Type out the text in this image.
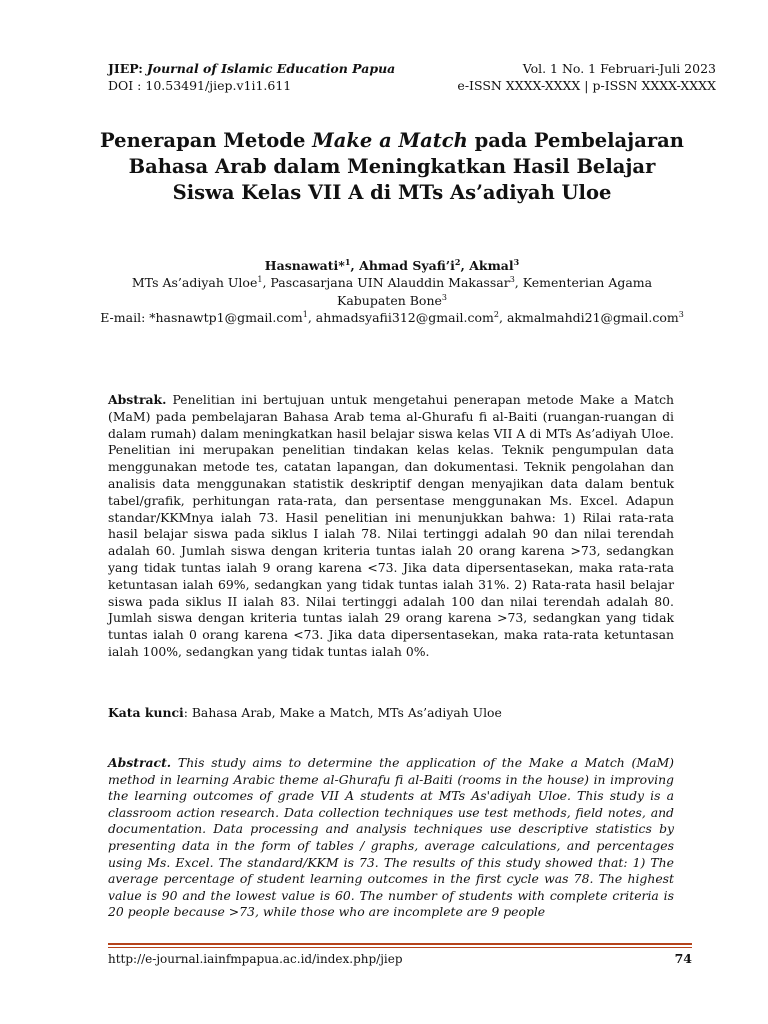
JIEP: Journal of Islamic Education Papua
DOI : 10.53491/jiep.v1i1.611
Vol. 1 No. 1 Februari-Juli 2023
e-ISSN XXXX-XXXX | p-ISSN XXXX-XXXX
Penerapan Metode Make a Match pada Pembelajaran Bahasa Arab dalam Meningkatkan Hasil Belajar Siswa Kelas VII A di MTs As’adiyah Uloe
Hasnawati*$^1$, Ahmad $Syafi’i^2$, Akmal$^3$
MTs As’adiyah Uloe$^1$, Pascasarjana UIN Alauddin Makassar$^3$, Kementerian Agama Kabupaten Bone$^3$
E-mail: *hasnawtp1@gmail.com$^1$, ahmadsyafii312@gmail.com$^2$, akmalmahdi21@gmail.com$^3$

Abstrak. Penelitian ini bertujuan untuk mengetahui penerapan metode Make a Match (MaM) pada pembelajaran Bahasa Arab tema al-Ghurafu fi al-Baiti (ruangan-ruangan di dalam rumah) dalam meningkatkan hasil belajar siswa kelas VII A di MTs As’adiyah Uloe. Penelitian ini merupakan penelitian tindakan kelas kelas. Teknik pengumpulan data menggunakan metode tes, catatan lapangan, dan dokumentasi. Teknik pengolahan dan analisis data menggunakan statistik deskriptif dengan menyajikan data dalam bentuk tabel/grafik, perhitungan rata-rata, dan persentase menggunakan Ms. Excel. Adapun standar/KKMnya ialah 73. Hasil penelitian ini menunjukkan bahwa: 1) Rilai rata-rata hasil belajar siswa pada siklus I ialah 78. Nilai tertinggi adalah 90 dan nilai terendah adalah 60. Jumlah siswa dengan kriteria tuntas ialah 20 orang karena >73, sedangkan yang tidak tuntas ialah 9 orang karena <73. Jika data dipersentasekan, maka rata-rata ketuntasan ialah 69%, sedangkan yang tidak tuntas ialah 31%. 2) Rata-rata hasil belajar siswa pada siklus II ialah 83. Nilai tertinggi adalah 100 dan nilai terendah adalah 80. Jumlah siswa dengan kriteria tuntas ialah 29 orang karena >73, sedangkan yang tidak tuntas ialah 0 orang karena <73. Jika data dipersentasekan, maka rata-rata ketuntasan ialah 100%, sedangkan yang tidak tuntas ialah 0%.

Kata kunci: Bahasa Arab, Make a Match, MTs As’adiyah Uloe

Abstract. This study aims to determine the application of the Make a Match (MaM) method in learning Arabic theme al-Ghurafu fi al-Baiti (rooms in the house) in improving the learning outcomes of grade VII A students at MTs As'adiyah Uloe. This study is a classroom action research. Data collection techniques use test methods, field notes, and documentation. Data processing and analysis techniques use descriptive statistics by presenting data in the form of tables / graphs, average calculations, and percentages using Ms. Excel. The standard/KKM is 73. The results of this study showed that: 1) The average percentage of student learning outcomes in the first cycle was 78. The highest value is 90 and the lowest value is 60. The number of students with complete criteria is 20 people because >73, while those who are incomplete are 9 people

http://e-journal.iainfmpapua.ac.id/index.php/jiep	74
